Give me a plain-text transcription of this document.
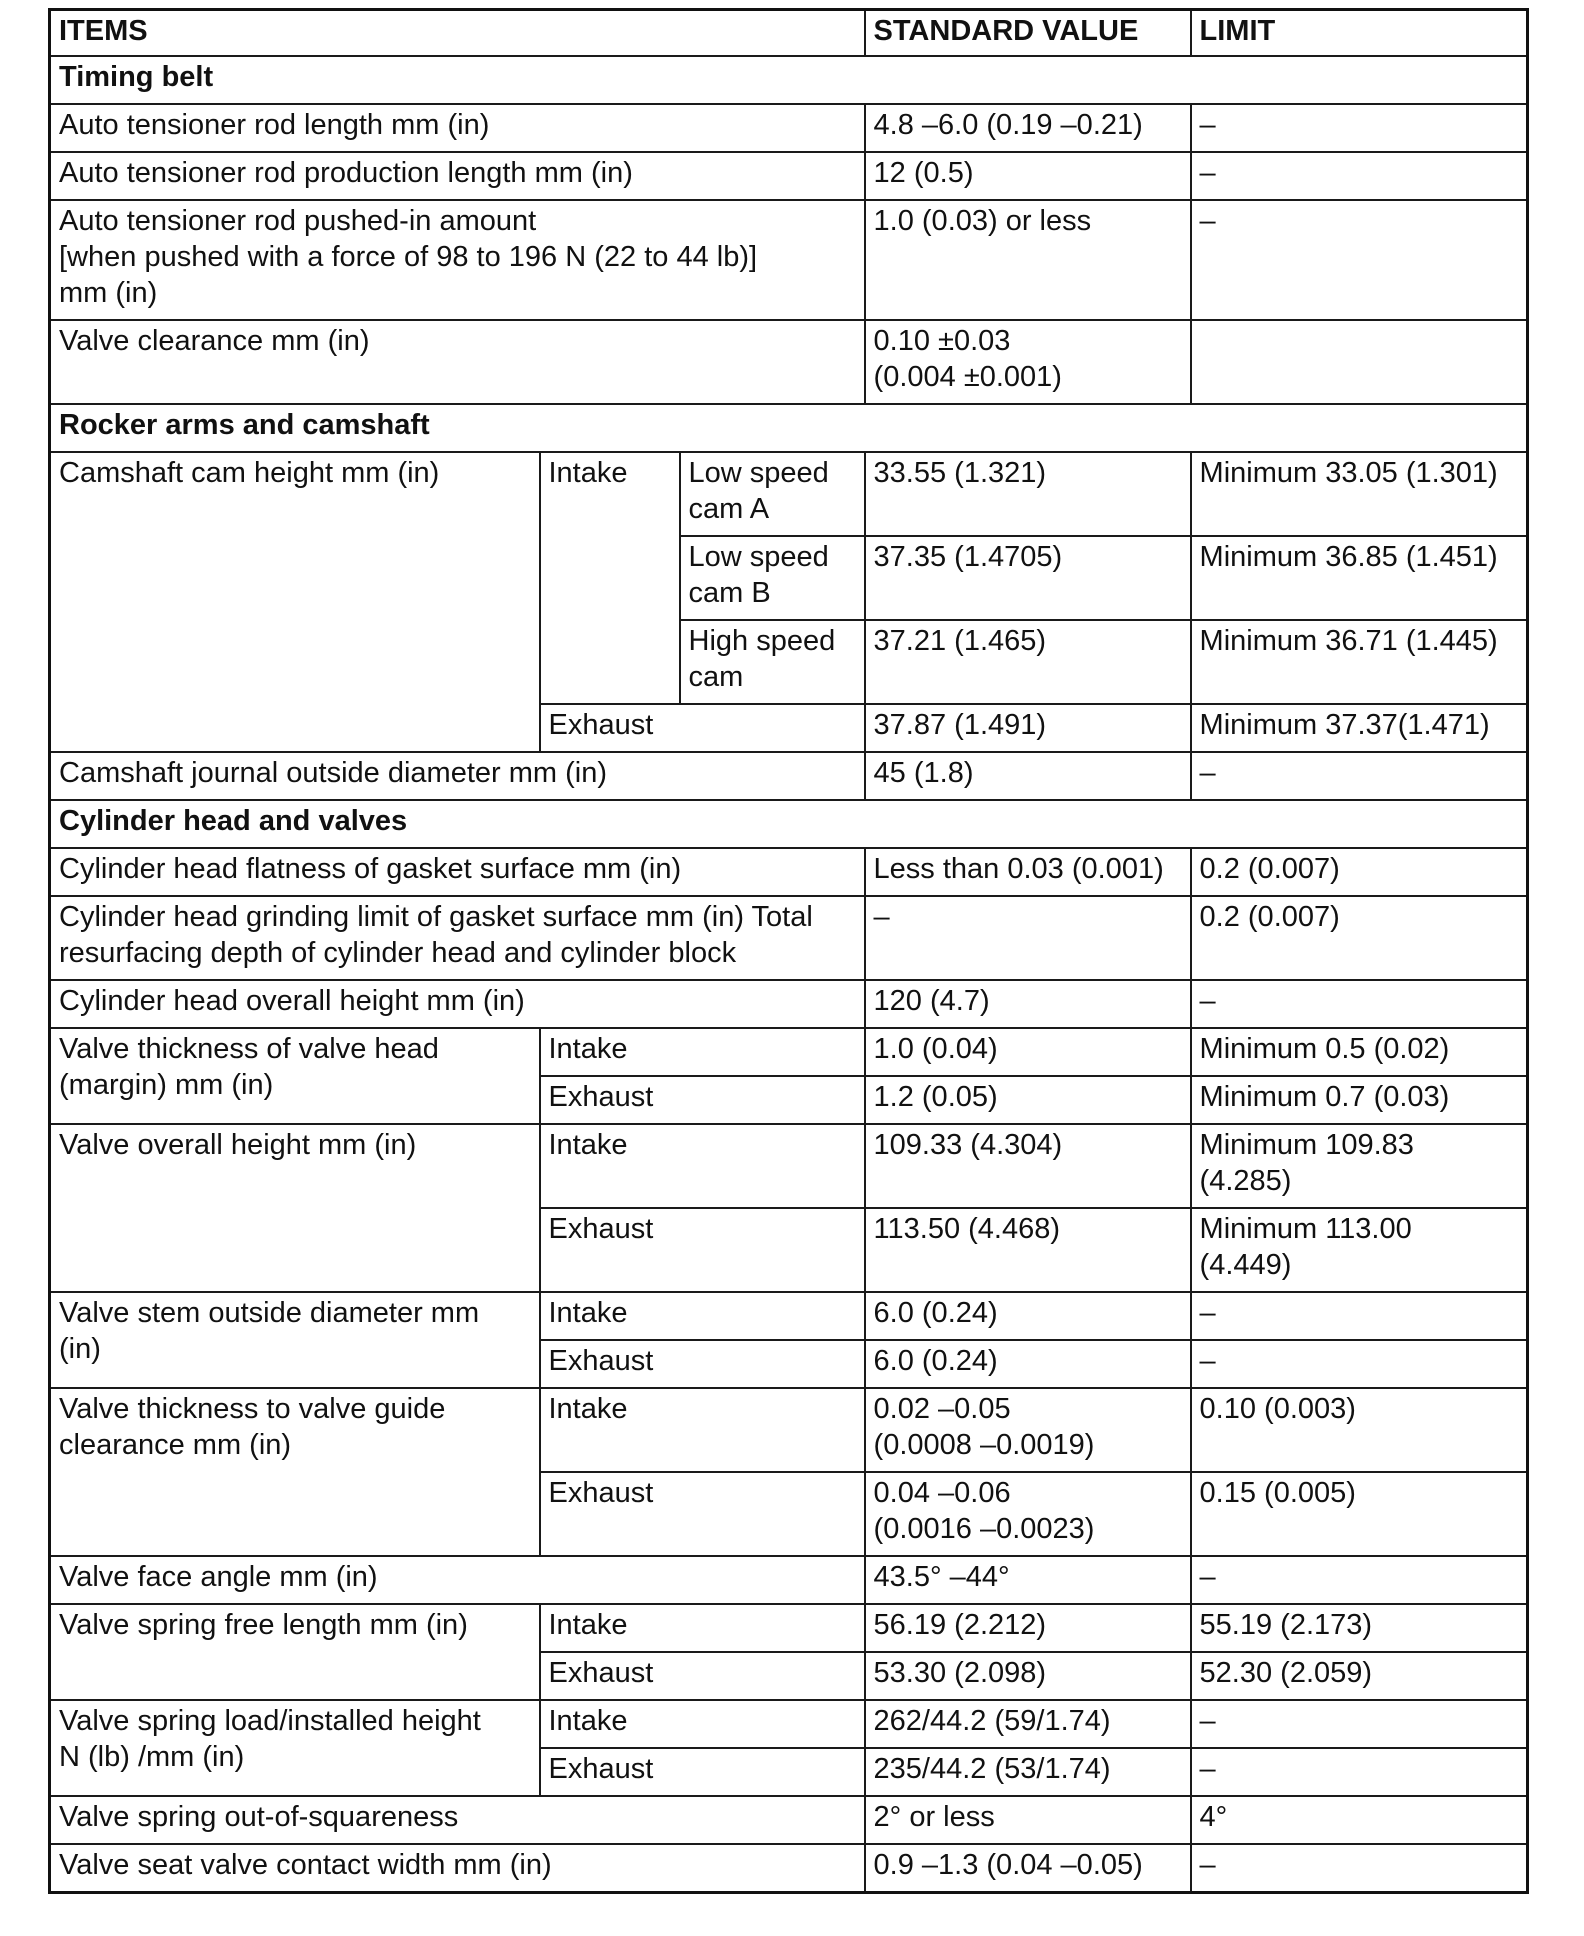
ITEMS			STANDARD VALUE	LIMIT
Timing belt				
Auto tensioner rod length mm (in)			4.8 –6.0 (0.19 –0.21)	–
Auto tensioner rod production length mm (in)			12 (0.5)	–
Auto tensioner rod pushed-in amount
[when pushed with a force of 98 to 196 N (22 to 44 lb)]
mm (in)			1.0 (0.03) or less	–
Valve clearance mm (in)			0.10 ±0.03
(0.004 ±0.001)	
Rocker arms and camshaft				
Camshaft cam height mm (in)	Intake	Low speed
cam A	33.55 (1.321)	Minimum 33.05 (1.301)
		Low speed
cam B	37.35 (1.4705)	Minimum 36.85 (1.451)
		High speed
cam	37.21 (1.465)	Minimum 36.71 (1.445)
	Exhaust		37.87 (1.491)	Minimum 37.37(1.471)
Camshaft journal outside diameter mm (in)			45 (1.8)	–
Cylinder head and valves				
Cylinder head flatness of gasket surface mm (in)			Less than 0.03 (0.001)	0.2 (0.007)
Cylinder head grinding limit of gasket surface mm (in) Total
resurfacing depth of cylinder head and cylinder block			–	0.2 (0.007)
Cylinder head overall height mm (in)			120 (4.7)	–
Valve thickness of valve head
(margin) mm (in)	Intake		1.0 (0.04)	Minimum 0.5 (0.02)
	Exhaust		1.2 (0.05)	Minimum 0.7 (0.03)
Valve overall height mm (in)	Intake		109.33 (4.304)	Minimum 109.83
(4.285)
	Exhaust		113.50 (4.468)	Minimum 113.00
(4.449)
Valve stem outside diameter mm
(in)	Intake		6.0 (0.24)	–
	Exhaust		6.0 (0.24)	–
Valve thickness to valve guide
clearance mm (in)	Intake		0.02 –0.05
(0.0008 –0.0019)	0.10 (0.003)
	Exhaust		0.04 –0.06
(0.0016 –0.0023)	0.15 (0.005)
Valve face angle mm (in)			43.5° –44°	–
Valve spring free length mm (in)	Intake		56.19 (2.212)	55.19 (2.173)
	Exhaust		53.30 (2.098)	52.30 (2.059)
Valve spring load/installed height
N (lb) /mm (in)	Intake		262/44.2 (59/1.74)	–
	Exhaust		235/44.2 (53/1.74)	–
Valve spring out-of-squareness			2° or less	4°
Valve seat valve contact width mm (in)			0.9 –1.3 (0.04 –0.05)	–
